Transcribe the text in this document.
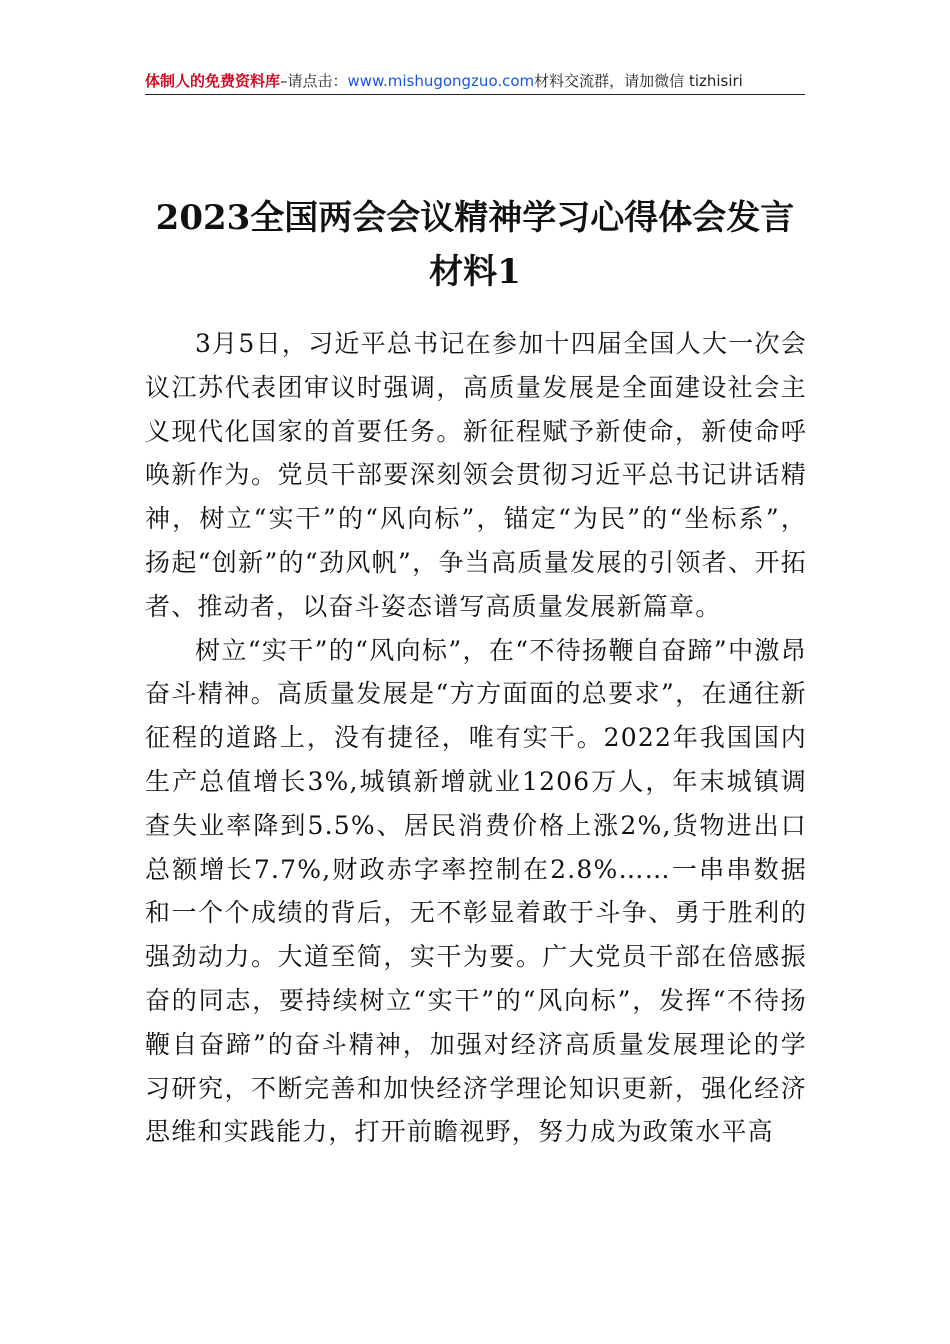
体制人的免费资料库–请点击：www.mishugongzuo.com材料交流群，请加微信 tizhisiri
2023全国两会会议精神学习心得体会发言材料1

3月5日，习近平总书记在参加十四届全国人大一次会议江苏代表团审议时强调，高质量发展是全面建设社会主义现代化国家的首要任务。新征程赋予新使命，新使命呼唤新作为。党员干部要深刻领会贯彻习近平总书记讲话精神，树立“实干”的“风向标”，锚定“为民”的“坐标系”，扬起“创新”的“劲风帆”，争当高质量发展的引领者、开拓者、推动者，以奋斗姿态谱写高质量发展新篇章。

树立“实干”的“风向标”，在“不待扬鞭自奋蹄”中激昂奋斗精神。高质量发展是“方方面面的总要求”，在通往新征程的道路上，没有捷径，唯有实干。2022年我国国内生产总值增长3%,城镇新增就业1206万人，年末城镇调查失业率降到5.5%、居民消费价格上涨2%,货物进出口总额增长7.7%,财政赤字率控制在2.8%……一串串数据和一个个成绩的背后，无不彰显着敢于斗争、勇于胜利的强劲动力。大道至简，实干为要。广大党员干部在倍感振奋的同志，要持续树立“实干”的“风向标”，发挥“不待扬鞭自奋蹄”的奋斗精神，加强对经济高质量发展理论的学习研究，不断完善和加快经济学理论知识更新，强化经济思维和实践能力，打开前瞻视野，努力成为政策水平高
